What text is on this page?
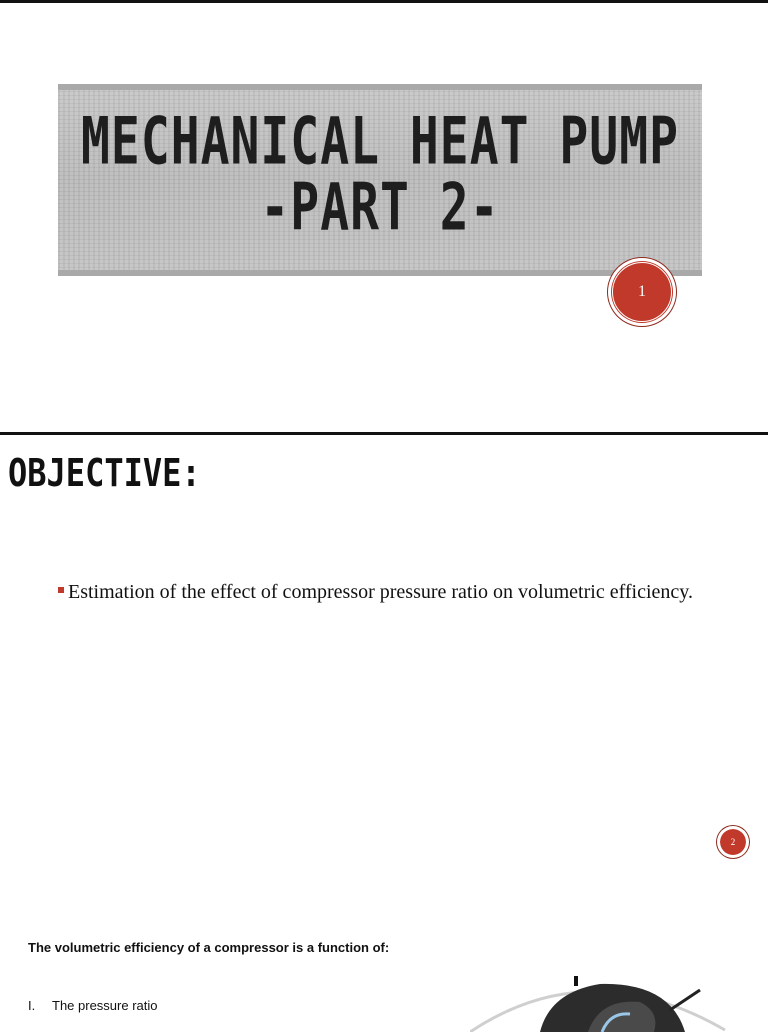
MECHANICAL HEAT PUMP
-PART 2-
1
OBJECTIVE:
Estimation of the effect of compressor pressure ratio on volumetric efficiency.
2

The volumetric efficiency of a compressor is a function of:

I. The pressure ratio
